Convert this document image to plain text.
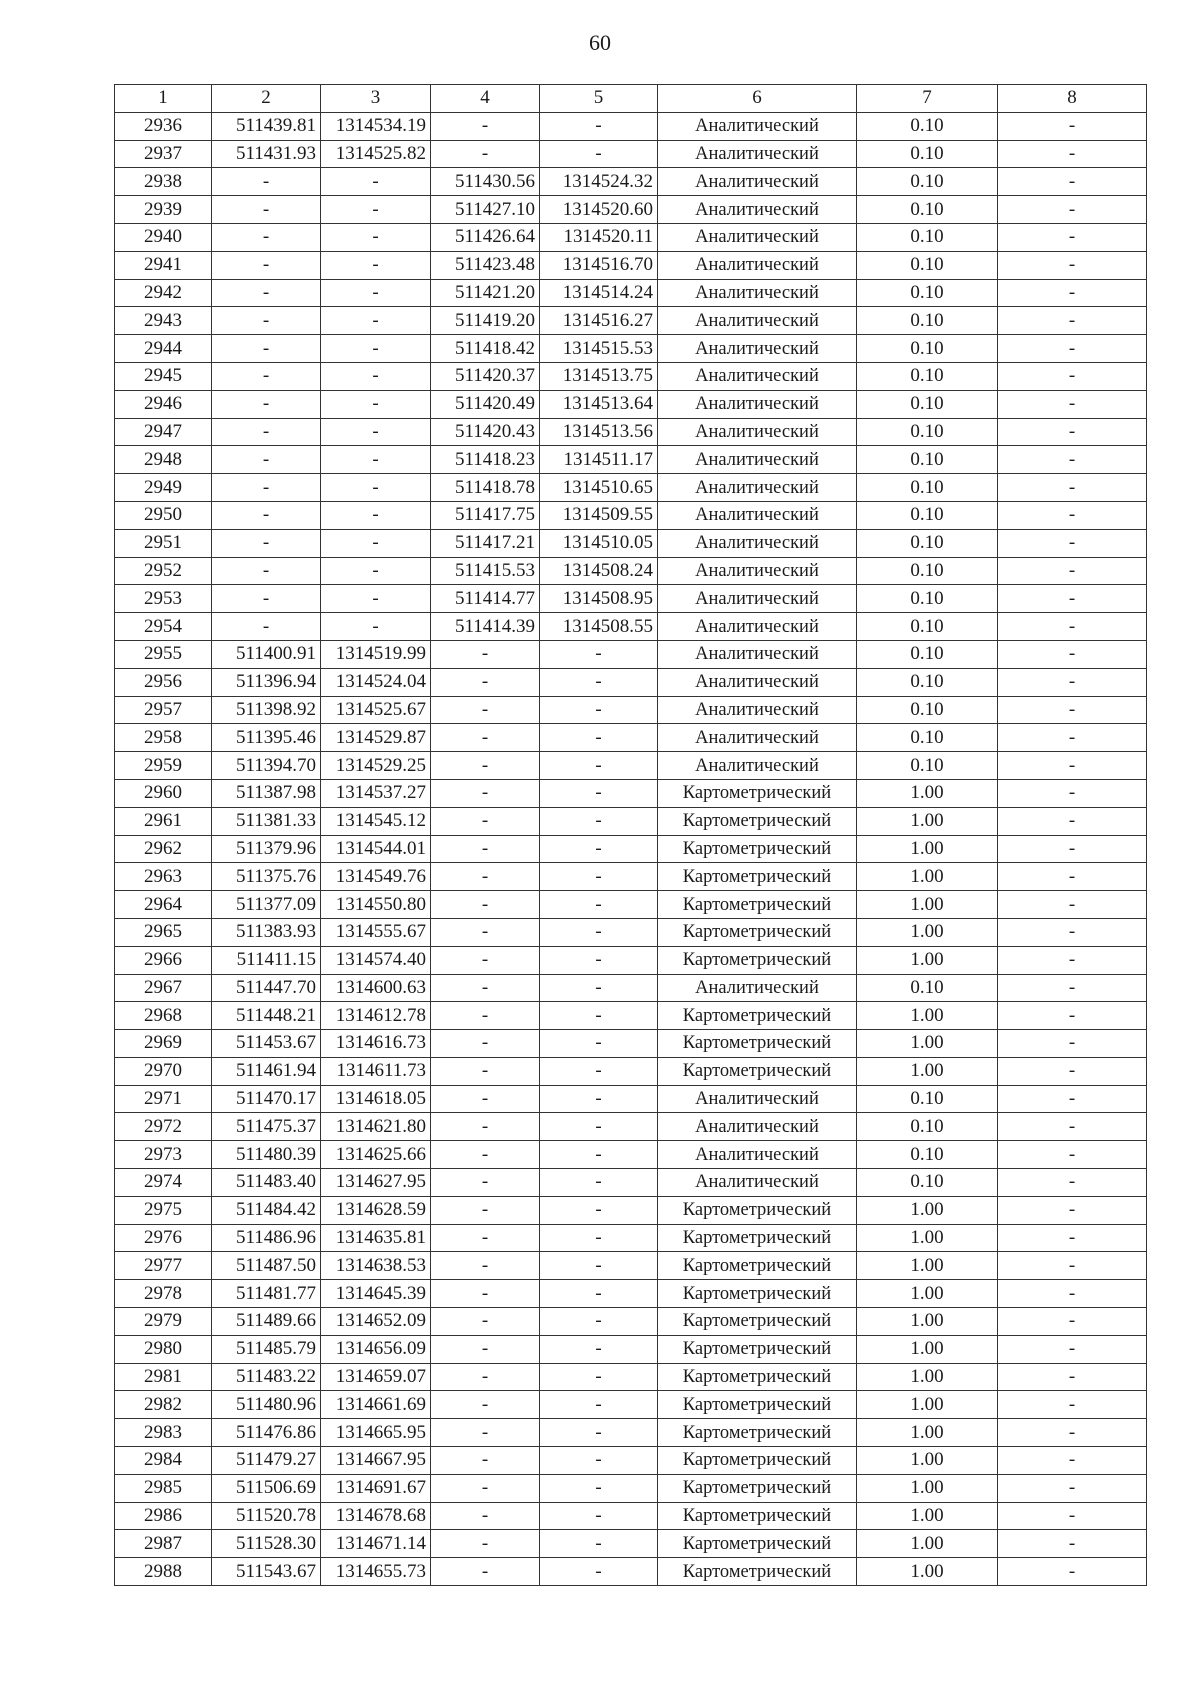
60
1	2	3	4	5	6	7	8
2936	511439.81	1314534.19	-	-	Аналитический	0.10	-
2937	511431.93	1314525.82	-	-	Аналитический	0.10	-
2938	-	-	511430.56	1314524.32	Аналитический	0.10	-
2939	-	-	511427.10	1314520.60	Аналитический	0.10	-
2940	-	-	511426.64	1314520.11	Аналитический	0.10	-
2941	-	-	511423.48	1314516.70	Аналитический	0.10	-
2942	-	-	511421.20	1314514.24	Аналитический	0.10	-
2943	-	-	511419.20	1314516.27	Аналитический	0.10	-
2944	-	-	511418.42	1314515.53	Аналитический	0.10	-
2945	-	-	511420.37	1314513.75	Аналитический	0.10	-
2946	-	-	511420.49	1314513.64	Аналитический	0.10	-
2947	-	-	511420.43	1314513.56	Аналитический	0.10	-
2948	-	-	511418.23	1314511.17	Аналитический	0.10	-
2949	-	-	511418.78	1314510.65	Аналитический	0.10	-
2950	-	-	511417.75	1314509.55	Аналитический	0.10	-
2951	-	-	511417.21	1314510.05	Аналитический	0.10	-
2952	-	-	511415.53	1314508.24	Аналитический	0.10	-
2953	-	-	511414.77	1314508.95	Аналитический	0.10	-
2954	-	-	511414.39	1314508.55	Аналитический	0.10	-
2955	511400.91	1314519.99	-	-	Аналитический	0.10	-
2956	511396.94	1314524.04	-	-	Аналитический	0.10	-
2957	511398.92	1314525.67	-	-	Аналитический	0.10	-
2958	511395.46	1314529.87	-	-	Аналитический	0.10	-
2959	511394.70	1314529.25	-	-	Аналитический	0.10	-
2960	511387.98	1314537.27	-	-	Картометрический	1.00	-
2961	511381.33	1314545.12	-	-	Картометрический	1.00	-
2962	511379.96	1314544.01	-	-	Картометрический	1.00	-
2963	511375.76	1314549.76	-	-	Картометрический	1.00	-
2964	511377.09	1314550.80	-	-	Картометрический	1.00	-
2965	511383.93	1314555.67	-	-	Картометрический	1.00	-
2966	511411.15	1314574.40	-	-	Картометрический	1.00	-
2967	511447.70	1314600.63	-	-	Аналитический	0.10	-
2968	511448.21	1314612.78	-	-	Картометрический	1.00	-
2969	511453.67	1314616.73	-	-	Картометрический	1.00	-
2970	511461.94	1314611.73	-	-	Картометрический	1.00	-
2971	511470.17	1314618.05	-	-	Аналитический	0.10	-
2972	511475.37	1314621.80	-	-	Аналитический	0.10	-
2973	511480.39	1314625.66	-	-	Аналитический	0.10	-
2974	511483.40	1314627.95	-	-	Аналитический	0.10	-
2975	511484.42	1314628.59	-	-	Картометрический	1.00	-
2976	511486.96	1314635.81	-	-	Картометрический	1.00	-
2977	511487.50	1314638.53	-	-	Картометрический	1.00	-
2978	511481.77	1314645.39	-	-	Картометрический	1.00	-
2979	511489.66	1314652.09	-	-	Картометрический	1.00	-
2980	511485.79	1314656.09	-	-	Картометрический	1.00	-
2981	511483.22	1314659.07	-	-	Картометрический	1.00	-
2982	511480.96	1314661.69	-	-	Картометрический	1.00	-
2983	511476.86	1314665.95	-	-	Картометрический	1.00	-
2984	511479.27	1314667.95	-	-	Картометрический	1.00	-
2985	511506.69	1314691.67	-	-	Картометрический	1.00	-
2986	511520.78	1314678.68	-	-	Картометрический	1.00	-
2987	511528.30	1314671.14	-	-	Картометрический	1.00	-
2988	511543.67	1314655.73	-	-	Картометрический	1.00	-
